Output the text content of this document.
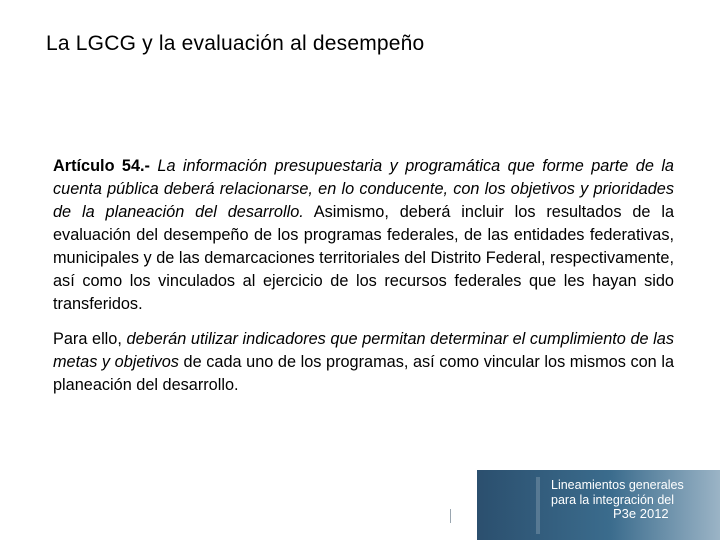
La LGCG y la evaluación al desempeño

Artículo 54.- La información presupuestaria y programática que forme parte de la cuenta pública deberá relacionarse, en lo conducente, con los objetivos y prioridades de la planeación del desarrollo. Asimismo, deberá incluir los resultados de la evaluación del desempeño de los programas federales, de las entidades federativas, municipales y de las demarcaciones territoriales del Distrito Federal, respectivamente, así como los vinculados al ejercicio de los recursos federales que les hayan sido transferidos.

Para ello, deberán utilizar indicadores que permitan determinar el cumplimiento de las metas y objetivos de cada uno de los programas, así como vincular los mismos con la planeación del desarrollo.

Lineamientos generales
para la integración del
P3e 2012
